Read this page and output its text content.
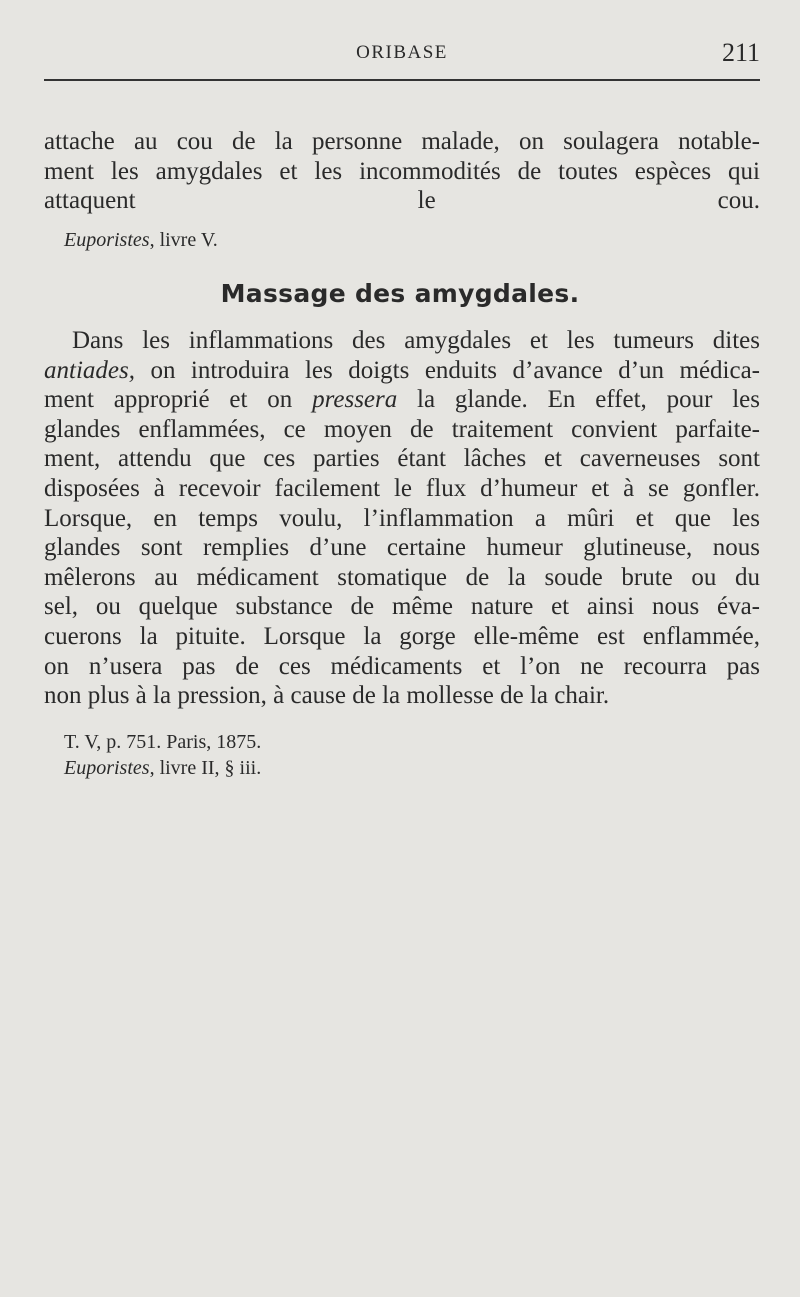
ORIBASE	211
attache au cou de la personne malade, on soulagera notable-
ment les amygdales et les incommodités de toutes espèces qui
attaquent le cou.
Euporistes, livre V.
Massage des amygdales.
Dans les inflammations des amygdales et les tumeurs dites
antiades, on introduira les doigts enduits d’avance d’un médica-
ment approprié et on pressera la glande. En effet, pour les
glandes enflammées, ce moyen de traitement convient parfaite-
ment, attendu que ces parties étant lâches et caverneuses sont
disposées à recevoir facilement le flux d’humeur et à se gonfler.
Lorsque, en temps voulu, l’inflammation a mûri et que les
glandes sont remplies d’une certaine humeur glutineuse, nous
mêlerons au médicament stomatique de la soude brute ou du
sel, ou quelque substance de même nature et ainsi nous éva-
cuerons la pituite. Lorsque la gorge elle-même est enflammée,
on n’usera pas de ces médicaments et l’on ne recourra pas
non plus à la pression, à cause de la mollesse de la chair.
T. V, p. 751. Paris, 1875.
Euporistes, livre II, § iii.
